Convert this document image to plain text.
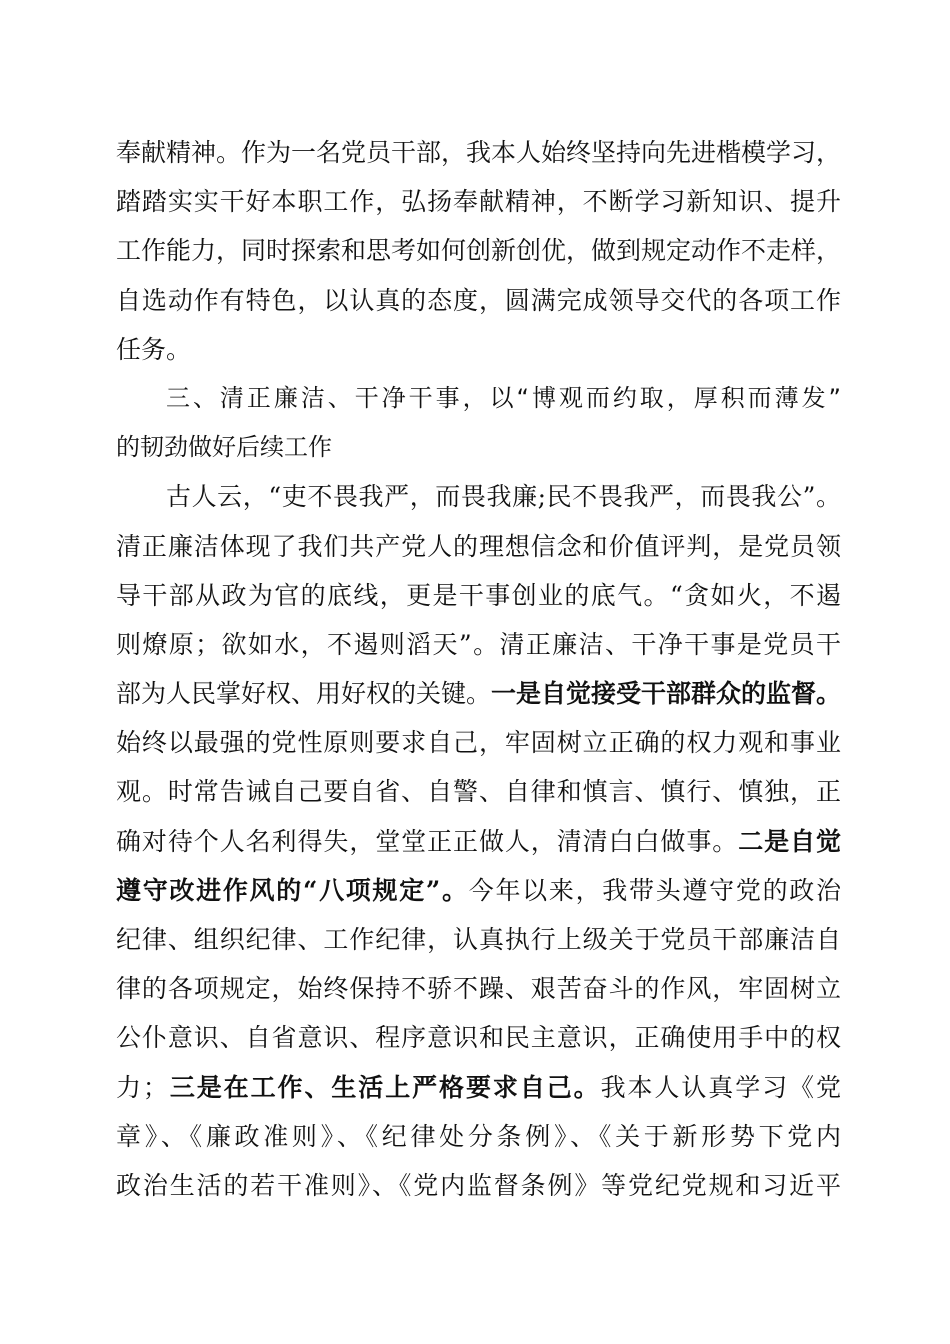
奉献精神。作为一名党员干部，我本人始终坚持向先进楷模学习，
踏踏实实干好本职工作，弘扬奉献精神，不断学习新知识、提升
工作能力，同时探索和思考如何创新创优，做到规定动作不走样，
自选动作有特色，以认真的态度，圆满完成领导交代的各项工作
任务。
三、清正廉洁、干净干事，以“博观而约取，厚积而薄发”
的韧劲做好后续工作
古人云，“吏不畏我严，而畏我廉;民不畏我严，而畏我公”。
清正廉洁体现了我们共产党人的理想信念和价值评判，是党员领
导干部从政为官的底线，更是干事创业的底气。“贪如火，不遏
则燎原；欲如水，不遏则滔天”。清正廉洁、干净干事是党员干
部为人民掌好权、用好权的关键。一是自觉接受干部群众的监督。
始终以最强的党性原则要求自己，牢固树立正确的权力观和事业
观。时常告诫自己要自省、自警、自律和慎言、慎行、慎独，正
确对待个人名利得失，堂堂正正做人，清清白白做事。二是自觉
遵守改进作风的“八项规定”。今年以来，我带头遵守党的政治
纪律、组织纪律、工作纪律，认真执行上级关于党员干部廉洁自
律的各项规定，始终保持不骄不躁、艰苦奋斗的作风，牢固树立
公仆意识、自省意识、程序意识和民主意识，正确使用手中的权
力；三是在工作、生活上严格要求自己。我本人认真学习《党
章》、《廉政准则》、《纪律处分条例》、《关于新形势下党内
政治生活的若干准则》、《党内监督条例》等党纪党规和习近平
